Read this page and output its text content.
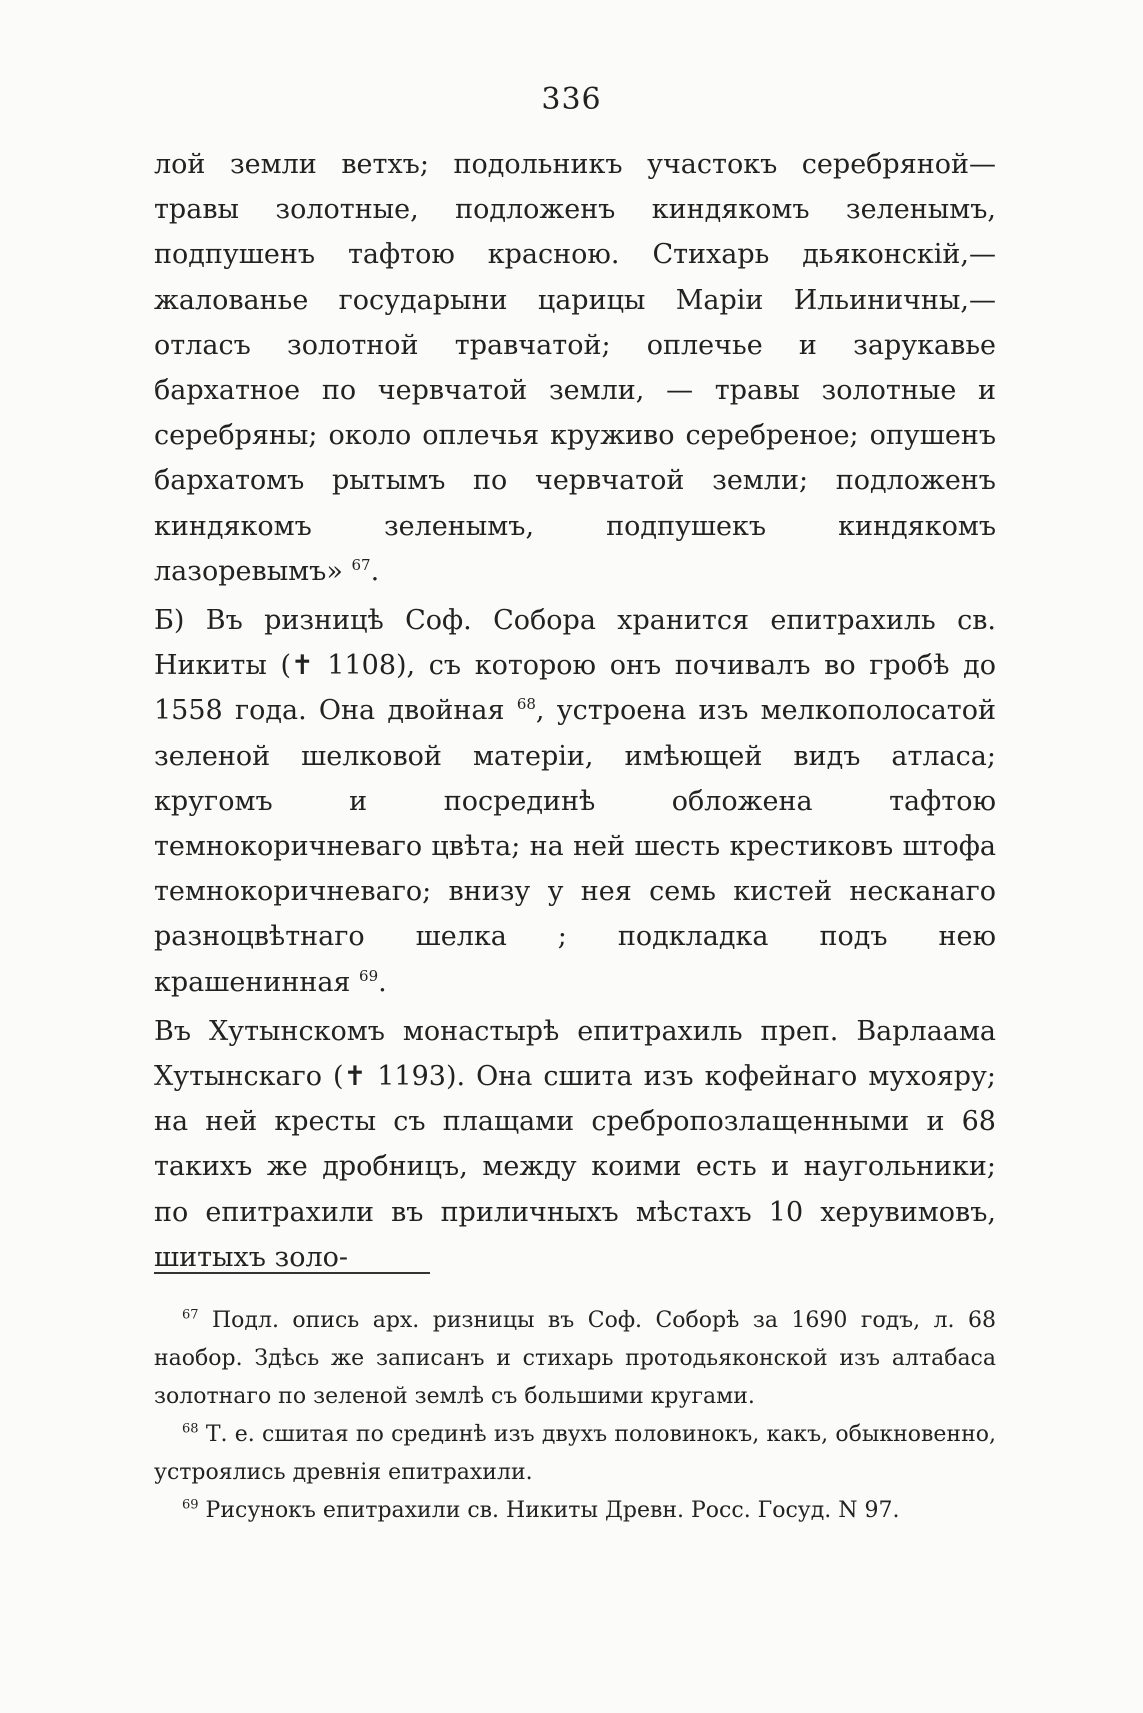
336

лой земли ветхъ; подольникъ участокъ серебряной—травы золотные, подложенъ киндякомъ зеленымъ, подпушенъ тафтою красною. Стихарь дьяконскій,—жалованье государыни царицы Маріи Ильиничны,—отласъ золотной травчатой; оплечье и зарукавье бархатное по червчатой земли, — травы золотные и серебряны; около оплечья круживо серебреное; опушенъ бархатомъ рытымъ по червчатой земли; подложенъ киндякомъ зеленымъ, подпушекъ киндякомъ лазоревымъ» $^{67}$.

Б) Въ ризницѣ Соф. Собора хранится епитрахиль св. Никиты (✝ 1108), съ которою онъ почивалъ во гробѣ до 1558 года. Она двойная $^{68}$, устроена изъ мелкополосатой зеленой шелковой матеріи, имѣющей видъ атласа; кругомъ и посрединѣ обложена тафтою темнокоричневаго цвѣта; на ней шесть крестиковъ штофа темнокоричневаго; внизу у нея семь кистей несканаго разноцвѣтнаго шелка ; подкладка подъ нею крашенинная $^{69}$.

Въ Хутынскомъ монастырѣ епитрахиль преп. Варлаама Хутынскаго (✝ 1193). Она сшита изъ кофейнаго мухояру; на ней кресты съ плащами сребропозлащенными и 68 такихъ же дробницъ, между коими есть и наугольники; по епитрахили въ приличныхъ мѣстахъ 10 херувимовъ, шитыхъ золо-

$^{67}$ Подл. опись арх. ризницы въ Соф. Соборѣ за 1690 годъ, л. 68 наобор. Здѣсь же записанъ и стихарь протодьяконской изъ алтабаса золотнаго по зеленой землѣ съ большими кругами.

$^{68}$ Т. е. сшитая по срединѣ изъ двухъ половинокъ, какъ, обыкновенно, устроялись древнія епитрахили.

$^{69}$ Рисунокъ епитрахили св. Никиты Древн. Росс. Госуд. N 97.
